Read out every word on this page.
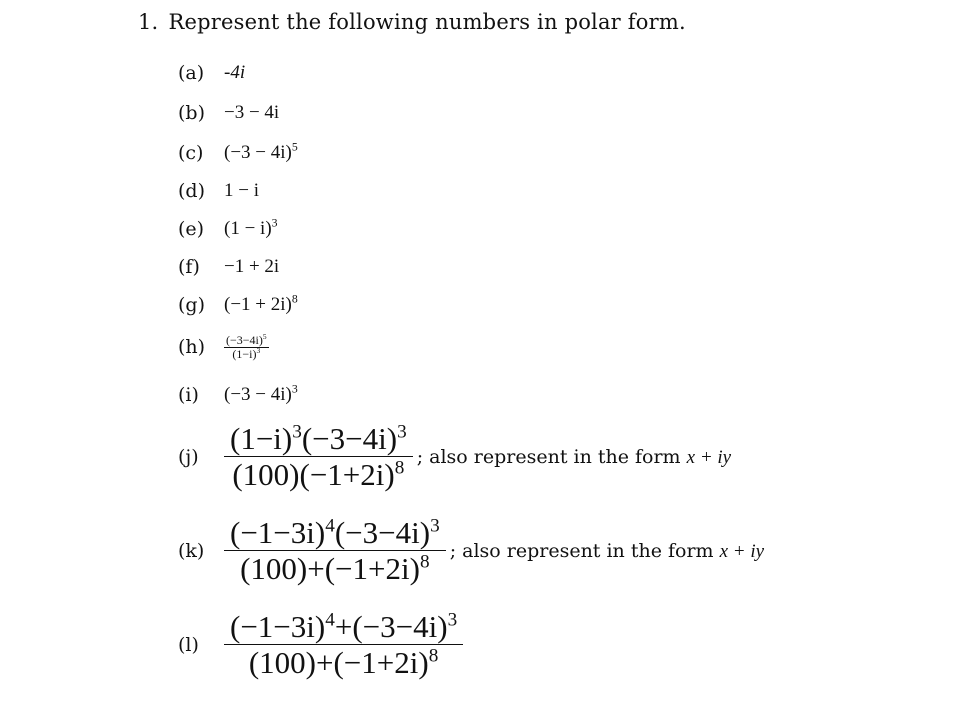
1. Represent the following numbers in polar form.
(a)	-4i
(b)	−3 − 4i
(c)	$(-3 - 4i)^5$
(d)	1 − i
(e)	$(1 - i)^3$
(f)	−1 + 2i
(g)	$(-1 + 2i)^8$
(h)	$\frac{(-3-4i)^5}{(1-i)^3}$
(i)	$(-3 - 4i)^3$
$(j) \frac{(1-i)^3(-3-4i)^3}{(100)(-1+2i)^8}$ ; also represent in the form x + iy
$(k) \frac{(-1-3i)^4(-3-4i)^3}{(100)+(-1+2i)^8}$ ; also represent in the form x + iy
$(l) \frac{(-1-3i)^4+(-3-4i)^3}{(100)+(-1+2i)^8}$
